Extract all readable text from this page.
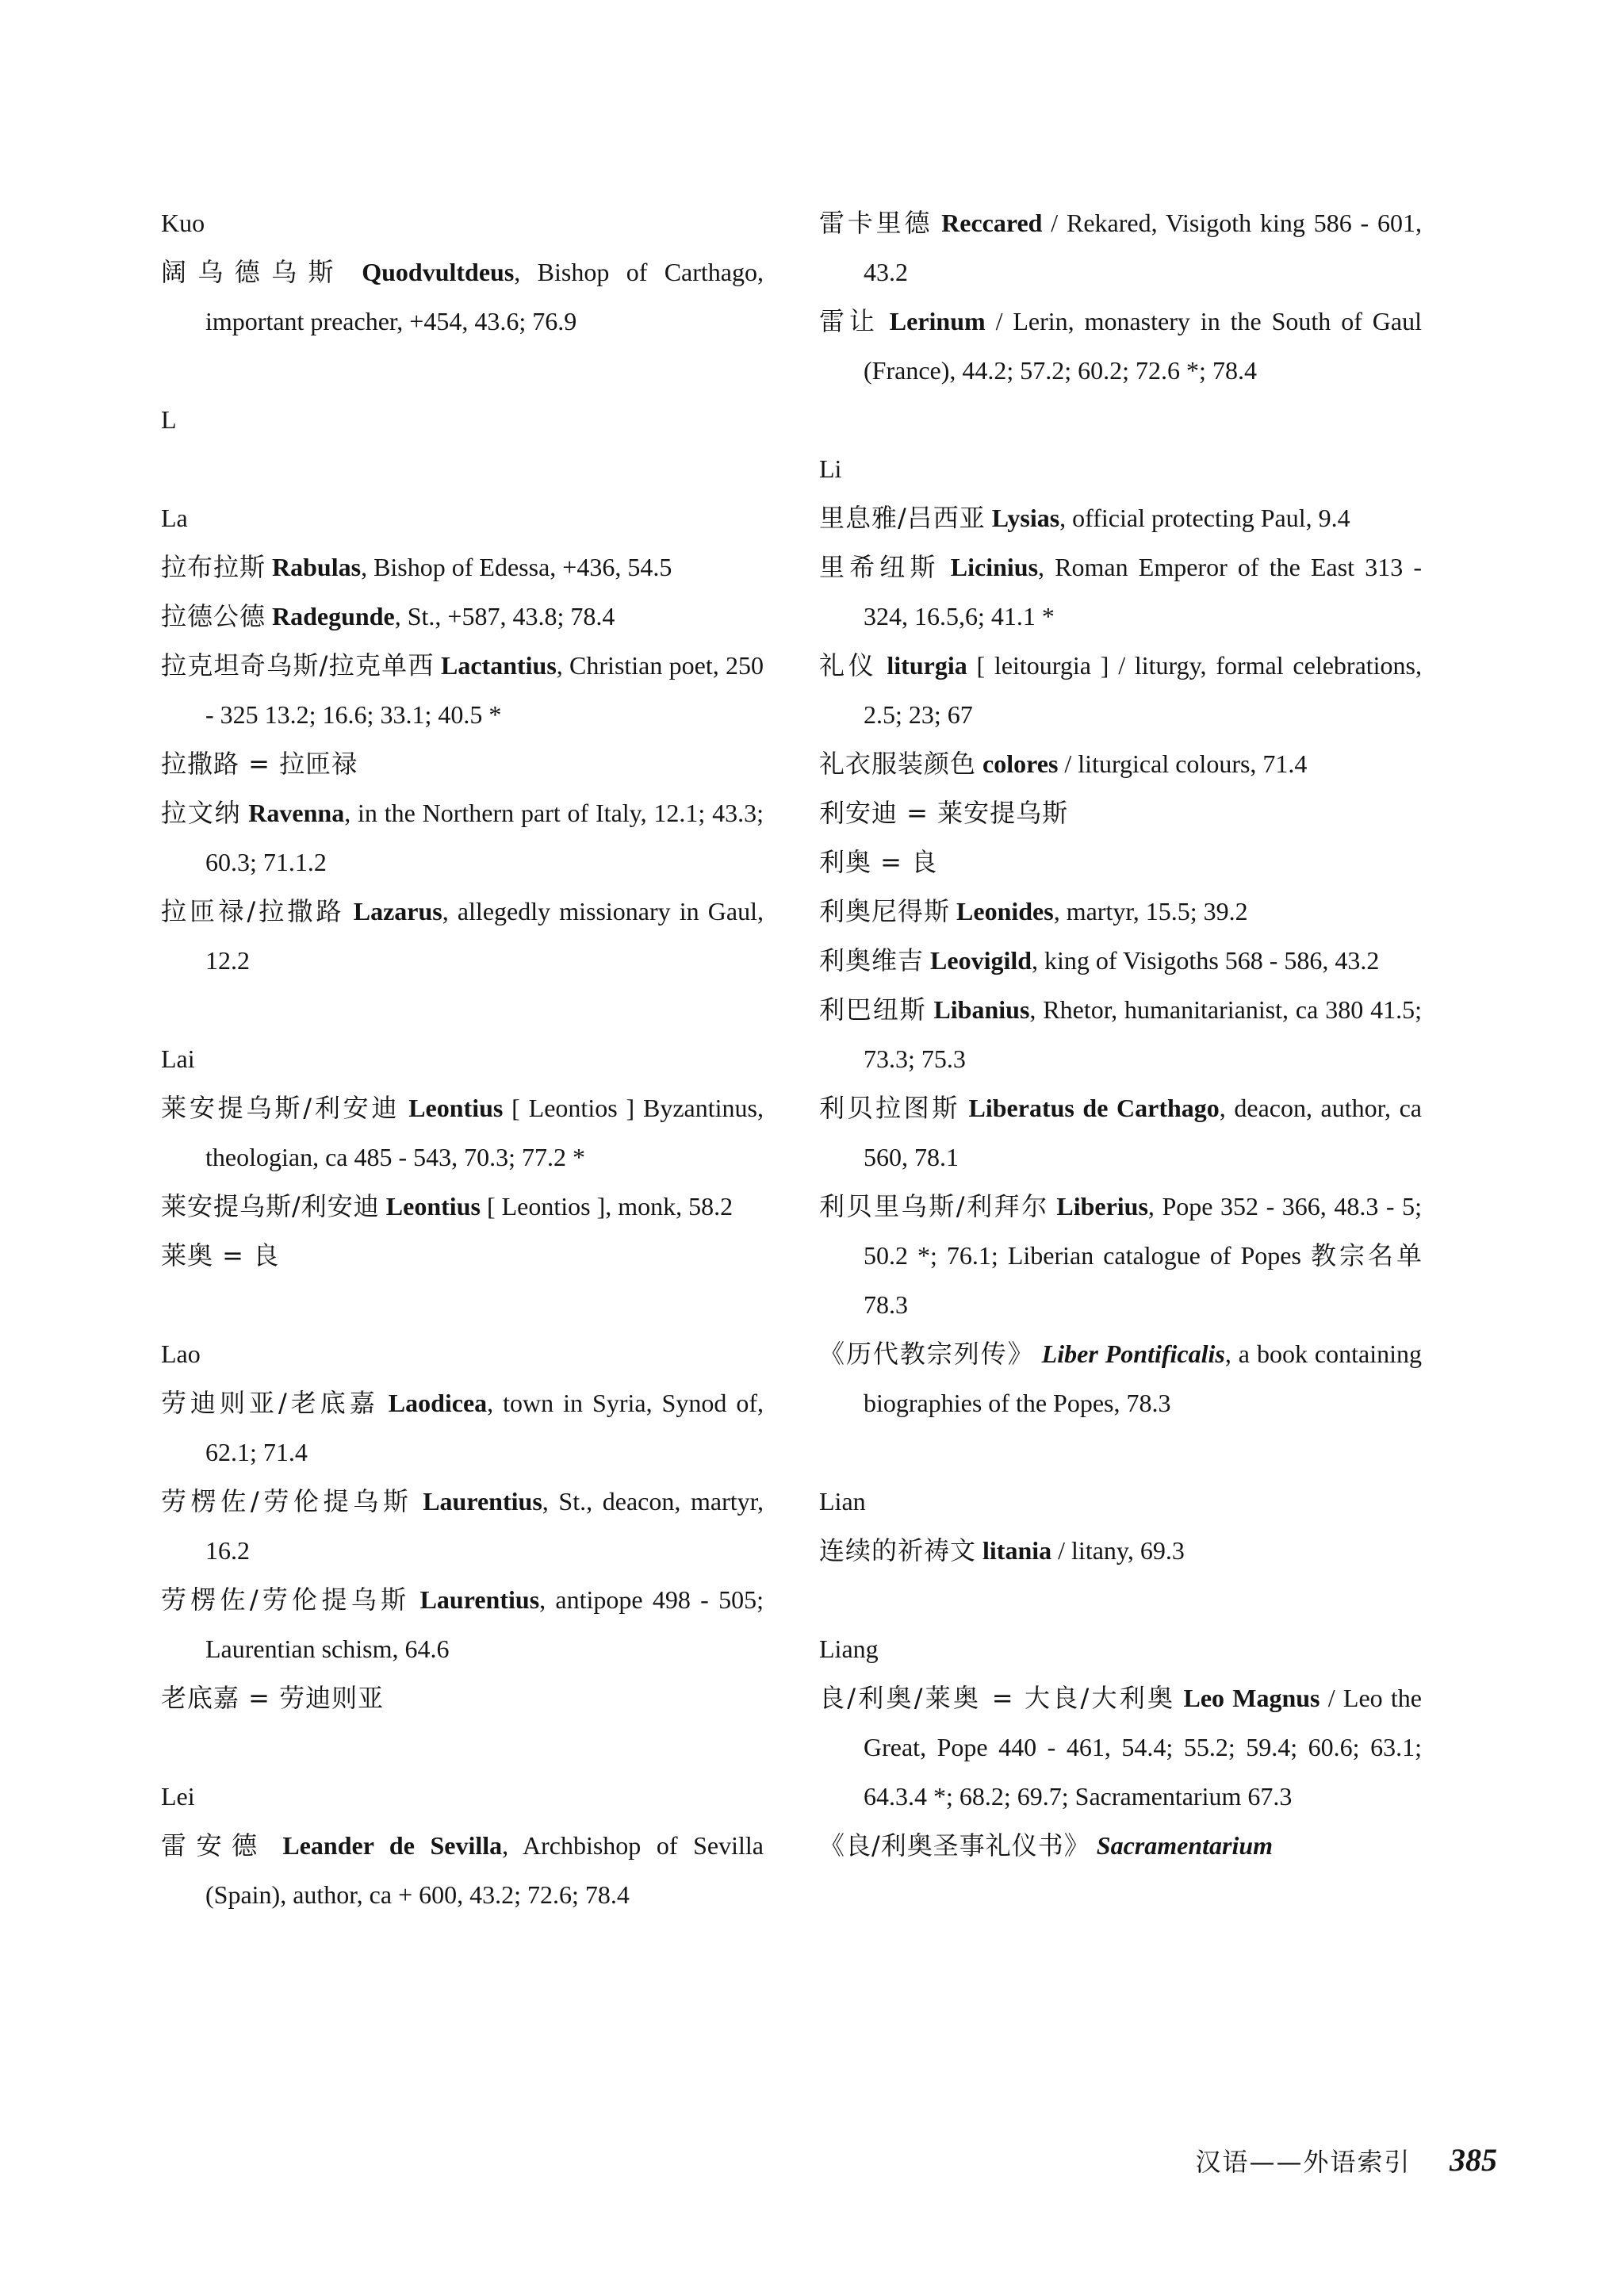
Kuo
阔乌德乌斯 Quodvultdeus, Bishop of Carthago, important preacher, +454, 43.6; 76.9
L
La
拉布拉斯 Rabulas, Bishop of Edessa, +436, 54.5
拉德公德 Radegunde, St., +587, 43.8; 78.4
拉克坦奇乌斯/拉克单西 Lactantius, Christian poet, 250 - 325 13.2; 16.6; 33.1; 40.5 *
拉撒路 = 拉匝禄
拉文纳 Ravenna, in the Northern part of Italy, 12.1; 43.3; 60.3; 71.1.2
拉匝禄/拉撒路 Lazarus, allegedly missionary in Gaul, 12.2
Lai
莱安提乌斯/利安迪 Leontius [ Leontios ] Byzantinus, theologian, ca 485 - 543, 70.3; 77.2 *
莱安提乌斯/利安迪 Leontius [ Leontios ], monk, 58.2
莱奥 = 良
Lao
劳迪则亚/老底嘉 Laodicea, town in Syria, Synod of, 62.1; 71.4
劳楞佐/劳伦提乌斯 Laurentius, St., deacon, martyr, 16.2
劳楞佐/劳伦提乌斯 Laurentius, antipope 498 - 505; Laurentian schism, 64.6
老底嘉 = 劳迪则亚
Lei
雷安德 Leander de Sevilla, Archbishop of Sevilla (Spain), author, ca + 600, 43.2; 72.6; 78.4
雷卡里德 Reccared / Rekared, Visigoth king 586 - 601, 43.2
雷让 Lerinum / Lerin, monastery in the South of Gaul (France), 44.2; 57.2; 60.2; 72.6 *; 78.4
Li
里息雅/吕西亚 Lysias, official protecting Paul, 9.4
里希纽斯 Licinius, Roman Emperor of the East 313 - 324, 16.5,6; 41.1 *
礼仪 liturgia [ leitourgia ] / liturgy, formal celebrations, 2.5; 23; 67
礼衣服装颜色 colores / liturgical colours, 71.4
利安迪 = 莱安提乌斯
利奥 = 良
利奥尼得斯 Leonides, martyr, 15.5; 39.2
利奥维吉 Leovigild, king of Visigoths 568 - 586, 43.2
利巴纽斯 Libanius, Rhetor, humanitarianist, ca 380 41.5; 73.3; 75.3
利贝拉图斯 Liberatus de Carthago, deacon, author, ca 560, 78.1
利贝里乌斯/利拜尔 Liberius, Pope 352 - 366, 48.3 - 5; 50.2 *; 76.1; Liberian catalogue of Popes 教宗名单 78.3
《历代教宗列传》 Liber Pontificalis, a book containing biographies of the Popes, 78.3
Lian
连续的祈祷文 litania / litany, 69.3
Liang
良/利奥/莱奥 = 大良/大利奥 Leo Magnus / Leo the Great, Pope 440 - 461, 54.4; 55.2; 59.4; 60.6; 63.1; 64.3.4 *; 68.2; 69.7; Sacramentarium 67.3
《良/利奥圣事礼仪书》 Sacramentarium
汉语——外语索引 385
